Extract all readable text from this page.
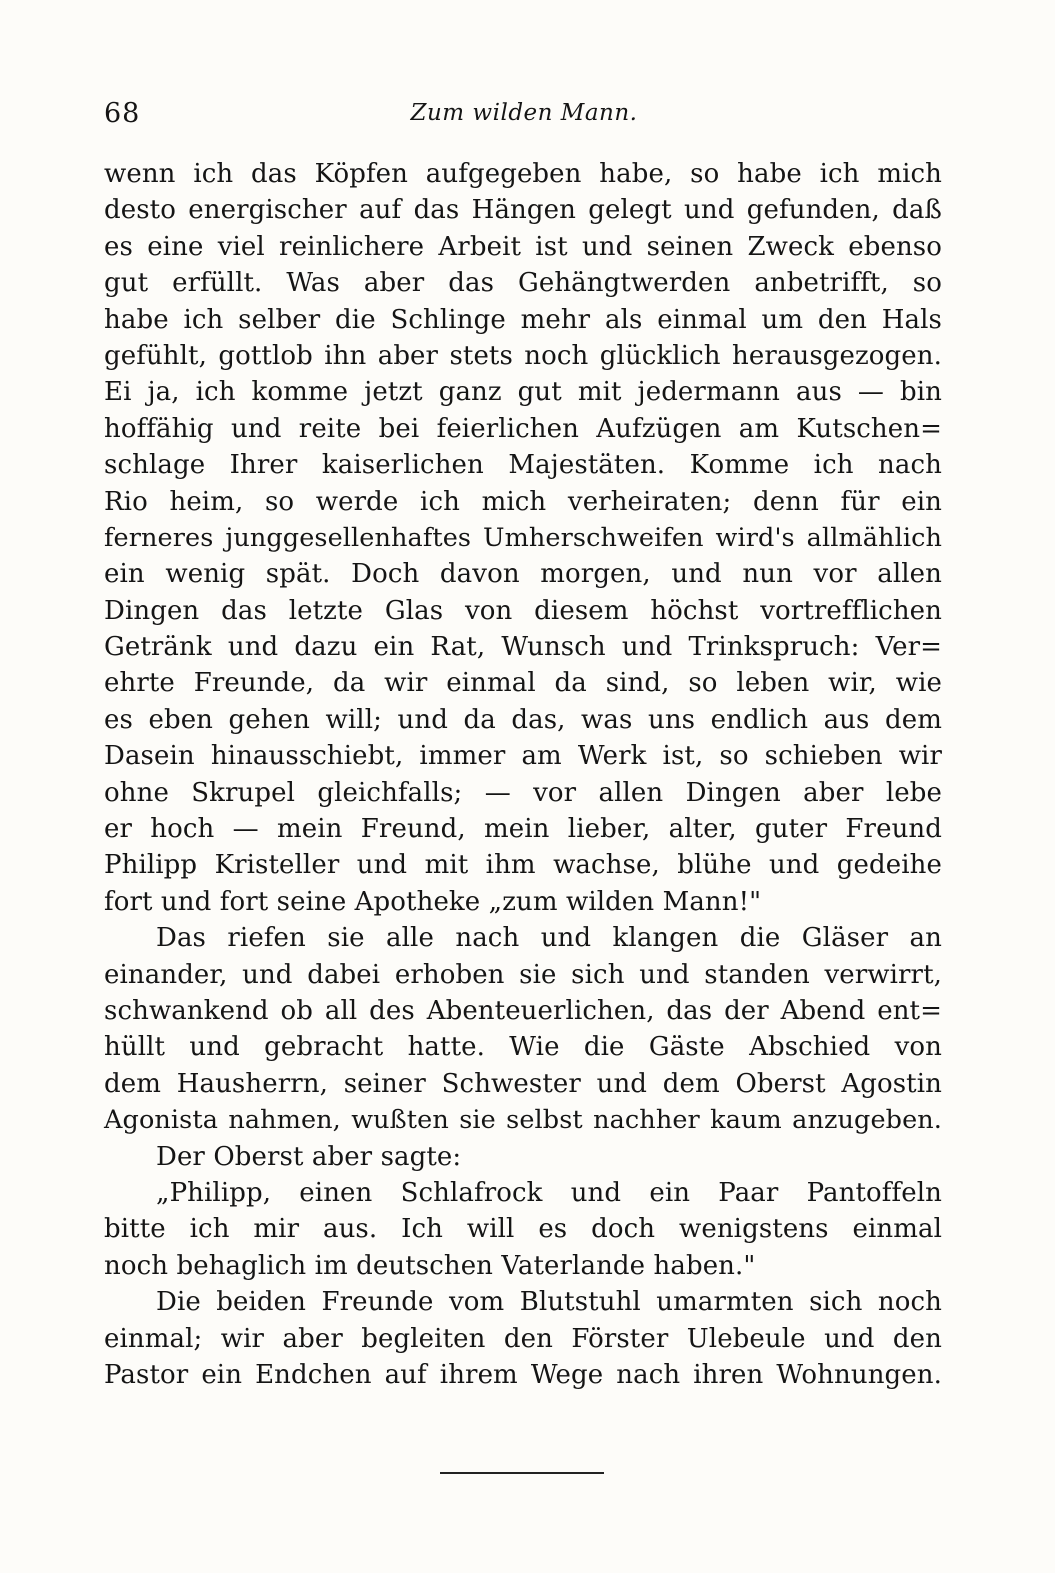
68	Zum wilden Mann.
wenn ich das Köpfen aufgegeben habe, so habe ich mich
desto energischer auf das Hängen gelegt und gefunden, daß
es eine viel reinlichere Arbeit ist und seinen Zweck ebenso
gut erfüllt. Was aber das Gehängtwerden anbetrifft, so
habe ich selber die Schlinge mehr als einmal um den Hals
gefühlt, gottlob ihn aber stets noch glücklich herausgezogen.
Ei ja, ich komme jetzt ganz gut mit jedermann aus — bin
hoffähig und reite bei feierlichen Aufzügen am Kutschen=
schlage Ihrer kaiserlichen Majestäten. Komme ich nach
Rio heim, so werde ich mich verheiraten; denn für ein
ferneres junggesellenhaftes Umherschweifen wird's allmählich
ein wenig spät. Doch davon morgen, und nun vor allen
Dingen das letzte Glas von diesem höchst vortrefflichen
Getränk und dazu ein Rat, Wunsch und Trinkspruch: Ver=
ehrte Freunde, da wir einmal da sind, so leben wir, wie
es eben gehen will; und da das, was uns endlich aus dem
Dasein hinausschiebt, immer am Werk ist, so schieben wir
ohne Skrupel gleichfalls; — vor allen Dingen aber lebe
er hoch — mein Freund, mein lieber, alter, guter Freund
Philipp Kristeller und mit ihm wachse, blühe und gedeihe
fort und fort seine Apotheke „zum wilden Mann!"
Das riefen sie alle nach und klangen die Gläser an
einander, und dabei erhoben sie sich und standen verwirrt,
schwankend ob all des Abenteuerlichen, das der Abend ent=
hüllt und gebracht hatte. Wie die Gäste Abschied von
dem Hausherrn, seiner Schwester und dem Oberst Agostin
Agonista nahmen, wußten sie selbst nachher kaum anzugeben.
Der Oberst aber sagte:
„Philipp, einen Schlafrock und ein Paar Pantoffeln
bitte ich mir aus. Ich will es doch wenigstens einmal
noch behaglich im deutschen Vaterlande haben."
Die beiden Freunde vom Blutstuhl umarmten sich noch
einmal; wir aber begleiten den Förster Ulebeule und den
Pastor ein Endchen auf ihrem Wege nach ihren Wohnungen.
